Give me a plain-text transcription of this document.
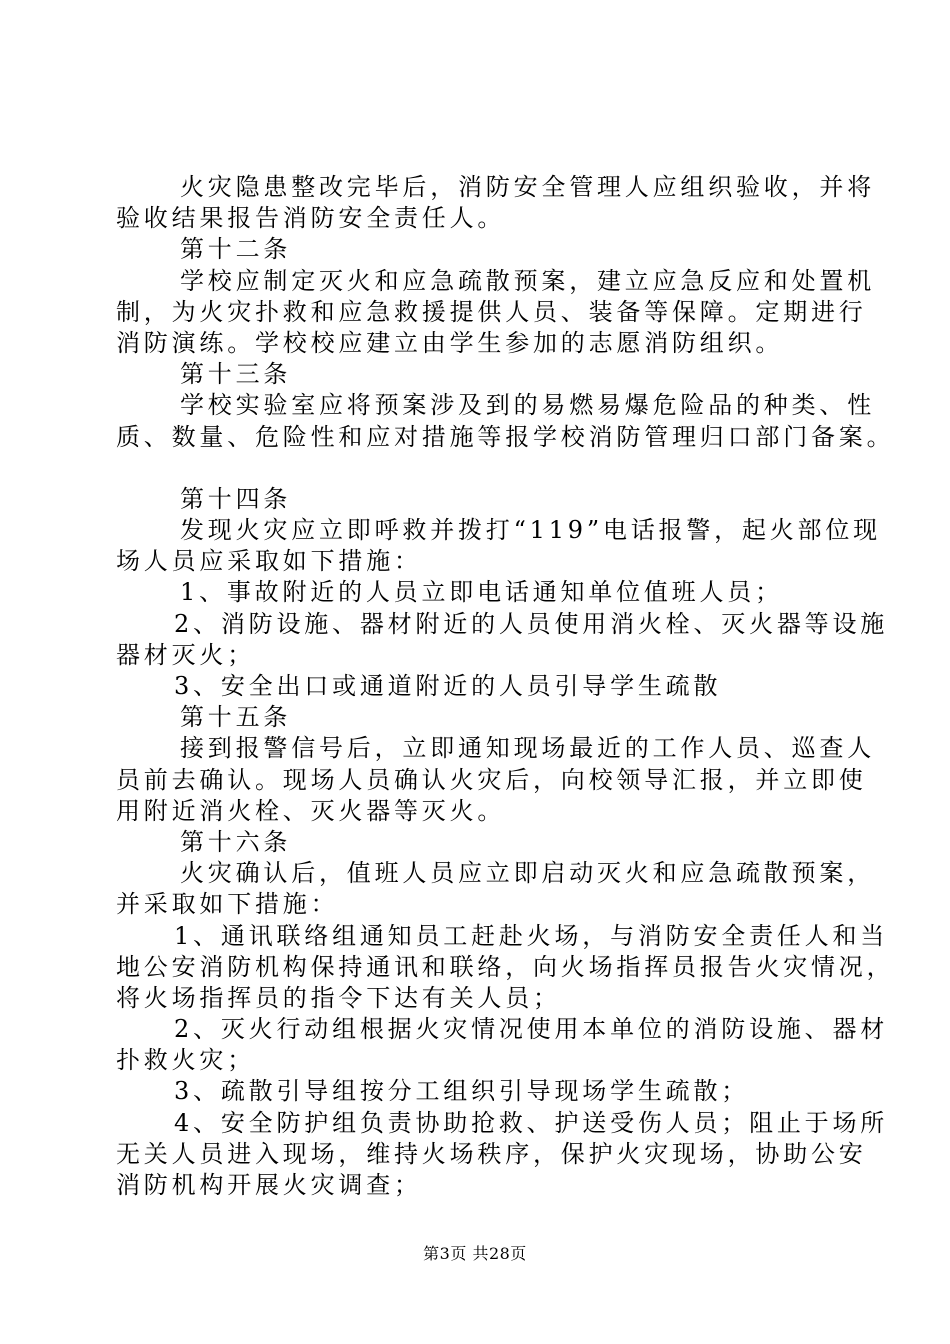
火灾隐患整改完毕后，消防安全管理人应组织验收，并将
验收结果报告消防安全责任人。
第十二条
学校应制定灭火和应急疏散预案，建立应急反应和处置机
制，为火灾扑救和应急救援提供人员、装备等保障。定期进行
消防演练。学校校应建立由学生参加的志愿消防组织。
第十三条
学校实验室应将预案涉及到的易燃易爆危险品的种类、性
质、数量、危险性和应对措施等报学校消防管理归口部门备案。
第十四条
发现火灾应立即呼救并拨打“119”电话报警，起火部位现
场人员应采取如下措施：
1、事故附近的人员立即电话通知单位值班人员；
2、消防设施、器材附近的人员使用消火栓、灭火器等设施
器材灭火；
3、安全出口或通道附近的人员引导学生疏散
第十五条
接到报警信号后，立即通知现场最近的工作人员、巡查人
员前去确认。现场人员确认火灾后，向校领导汇报，并立即使
用附近消火栓、灭火器等灭火。
第十六条
火灾确认后，值班人员应立即启动灭火和应急疏散预案，
并采取如下措施：
1、通讯联络组通知员工赶赴火场，与消防安全责任人和当
地公安消防机构保持通讯和联络，向火场指挥员报告火灾情况，
将火场指挥员的指令下达有关人员；
2、灭火行动组根据火灾情况使用本单位的消防设施、器材
扑救火灾；
3、疏散引导组按分工组织引导现场学生疏散；
4、安全防护组负责协助抢救、护送受伤人员；阻止于场所
无关人员进入现场，维持火场秩序，保护火灾现场，协助公安
消防机构开展火灾调查；
第3页 共28页
